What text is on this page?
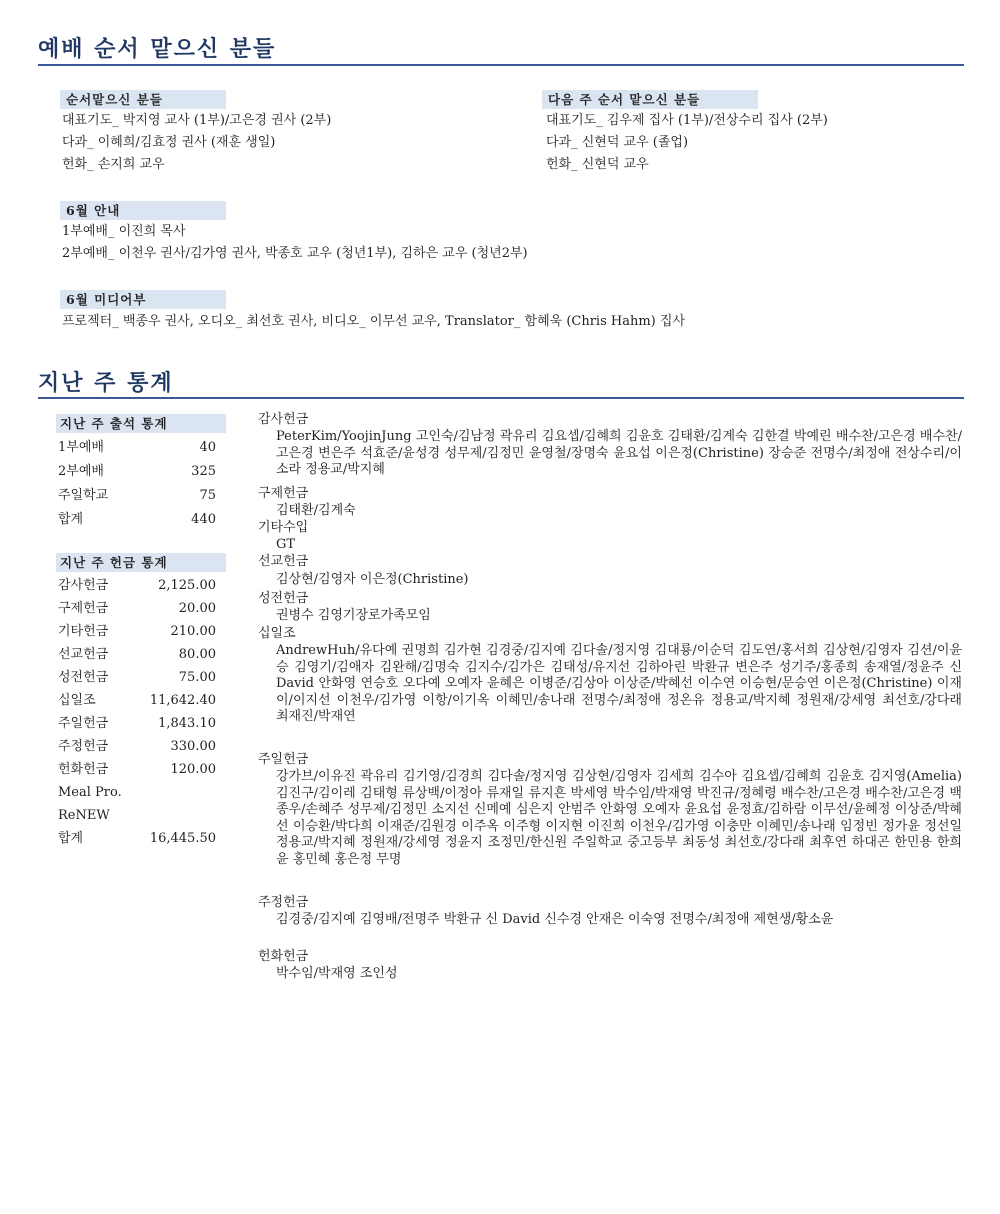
예배 순서 맡으신 분들
순서맡으신 분들
대표기도_ 박지영 교사 (1부)/고은경 권사 (2부)
다과_ 이혜희/김효정 권사 (재훈 생일)
헌화_ 손지희 교우
다음 주 순서 맡으신 분들
대표기도_ 김우제 집사 (1부)/전상수리 집사 (2부)
다과_ 신현덕 교우 (졸업)
헌화_ 신현덕 교우
6월 안내
1부예배_ 이진희 목사
2부예배_ 이천우 권사/김가영 권사, 박종호 교우 (청년1부), 김하은 교우 (청년2부)
6월 미디어부
프로젝터_ 백종우 권사, 오디오_ 최선호 권사, 비디오_ 이무선 교우, Translator_ 함혜욱 (Chris Hahm) 집사
지난 주 통계
지난 주 출석 통계
1부예배	40
2부예배	325
주일학교	75
합계	440
지난 주 헌금 통계
감사헌금	2,125.00
구제헌금	20.00
기타헌금	210.00
선교헌금	80.00
성전헌금	75.00
십일조	11,642.40
주일헌금	1,843.10
주정헌금	330.00
헌화헌금	120.00
Meal Pro.
ReNEW
합계	16,445.50
감사헌금
PeterKim/YoojinJung 고인숙/김남정 곽유리 김요셉/김혜희 김윤호 김태환/김계숙 김한결 박예린 배수찬/고은경 배수찬/고은경 변은주 석효준/윤성경 성무제/김정민 윤영철/장명숙 윤요섭 이은정(Christine) 장승준 전명수/최정애 전상수리/이소라 정용교/박지혜
구제헌금
김태환/김계숙
기타수입
GT
선교헌금
김상현/김영자 이은정(Christine)
성전헌금
권병수 김영기장로가족모임
십일조
AndrewHuh/유다예 권명희 김가현 김경중/김지예 김다솔/정지영 김대룡/이순덕 김도연/홍서희 김상현/김영자 김션/이윤승 김영기/김애자 김완해/김명숙 김지수/김가은 김태성/유지선 김하아린 박환규 변은주 성기주/홍종희 송재열/정윤주 신 David 안화영 연승호 오다예 오예자 윤혜은 이병준/김상아 이상준/박혜선 이수연 이승현/문승연 이은정(Christine) 이재이/이지선 이천우/김가영 이항/이기옥 이혜민/송나래 전명수/최정애 정온유 정용교/박지혜 정원재/강세영 최선호/강다래 최재진/박재연
주일헌금
강가브/이유진 곽유리 김기영/김경희 김다솔/정지영 김상현/김영자 김세희 김수아 김요셉/김혜희 김윤호 김지영(Amelia) 김진구/김이레 김태형 류상백/이정아 류재일 류지흔 박세영 박수임/박재영 박진규/정혜령 배수찬/고은경 배수찬/고은경 백종우/손혜주 성무제/김정민 소지선 신메예 심은지 안범주 안화영 오예자 윤요섭 윤정효/김하람 이무선/윤혜정 이상준/박혜선 이승환/박다희 이재준/김원경 이주옥 이주형 이지현 이진희 이천우/김가영 이충만 이혜민/송나래 임정빈 정가윤 정선일 정용교/박지혜 정원재/강세영 정윤지 조정민/한신원 주일학교 중고등부 최동성 최선호/강다래 최후연 하대곤 한민용 한희윤 홍민혜 홍은정 무명
주정헌금
김경중/김지예 김영배/전명주 박환규 신 David 신수경 안재은 이숙영 전명수/최정애 제현생/황소윤
헌화헌금
박수임/박재영 조인성
